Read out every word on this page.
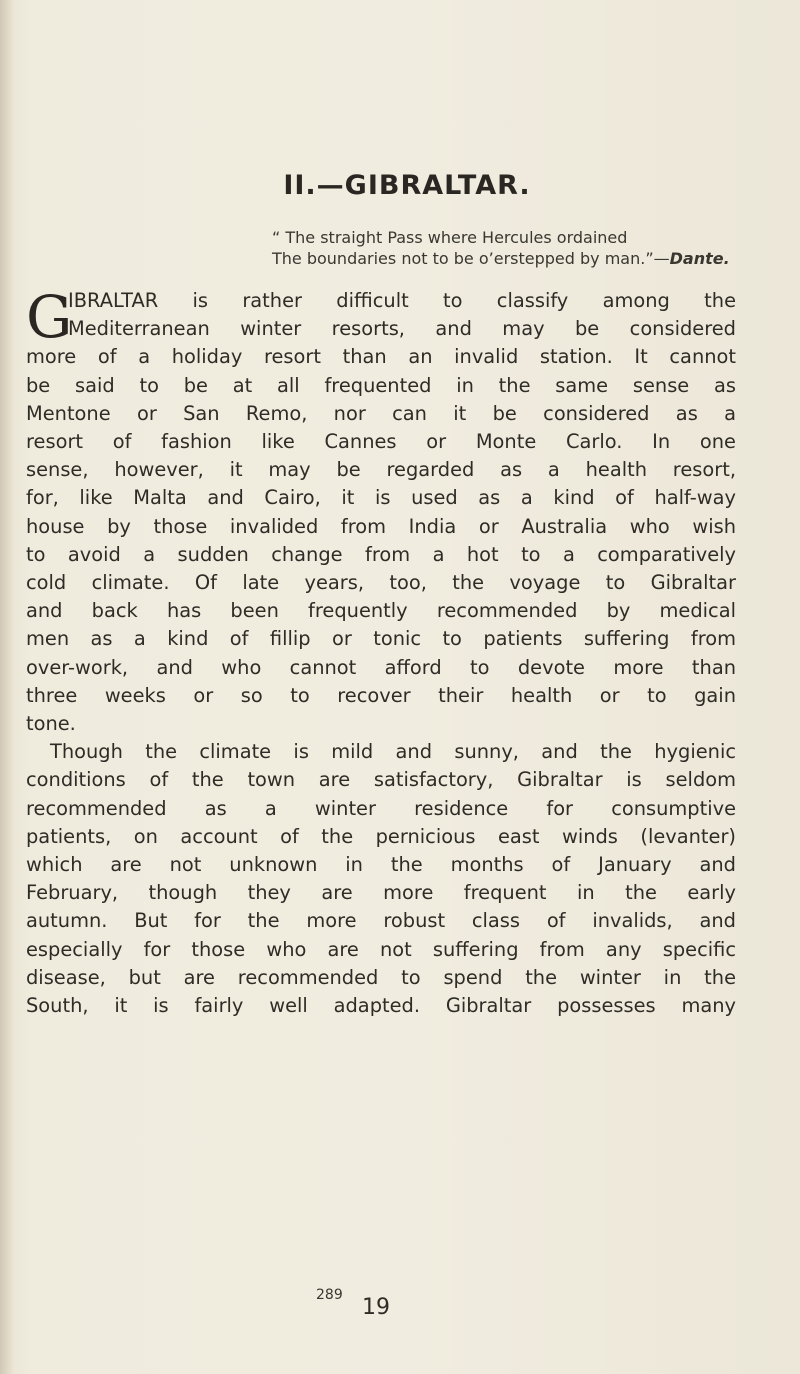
II.—GIBRALTAR.
“ The straight Pass where Hercules ordained
The boundaries not to be o’erstepped by man.”—Dante.
G
IBRALTAR is rather difficult to classify among the
Mediterranean winter resorts, and may be considered
more of a holiday resort than an invalid station. It cannot
be said to be at all frequented in the same sense as
Mentone or San Remo, nor can it be considered as a
resort of fashion like Cannes or Monte Carlo. In one
sense, however, it may be regarded as a health resort,
for, like Malta and Cairo, it is used as a kind of half-way
house by those invalided from India or Australia who wish
to avoid a sudden change from a hot to a comparatively
cold climate. Of late years, too, the voyage to Gibraltar
and back has been frequently recommended by medical
men as a kind of fillip or tonic to patients suffering from
over-work, and who cannot afford to devote more than
three weeks or so to recover their health or to gain
tone.
Though the climate is mild and sunny, and the hygienic
conditions of the town are satisfactory, Gibraltar is seldom
recommended as a winter residence for consumptive
patients, on account of the pernicious east winds (levanter)
which are not unknown in the months of January and
February, though they are more frequent in the early
autumn. But for the more robust class of invalids, and
especially for those who are not suffering from any specific
disease, but are recommended to spend the winter in the
South, it is fairly well adapted. Gibraltar possesses many
289 19
